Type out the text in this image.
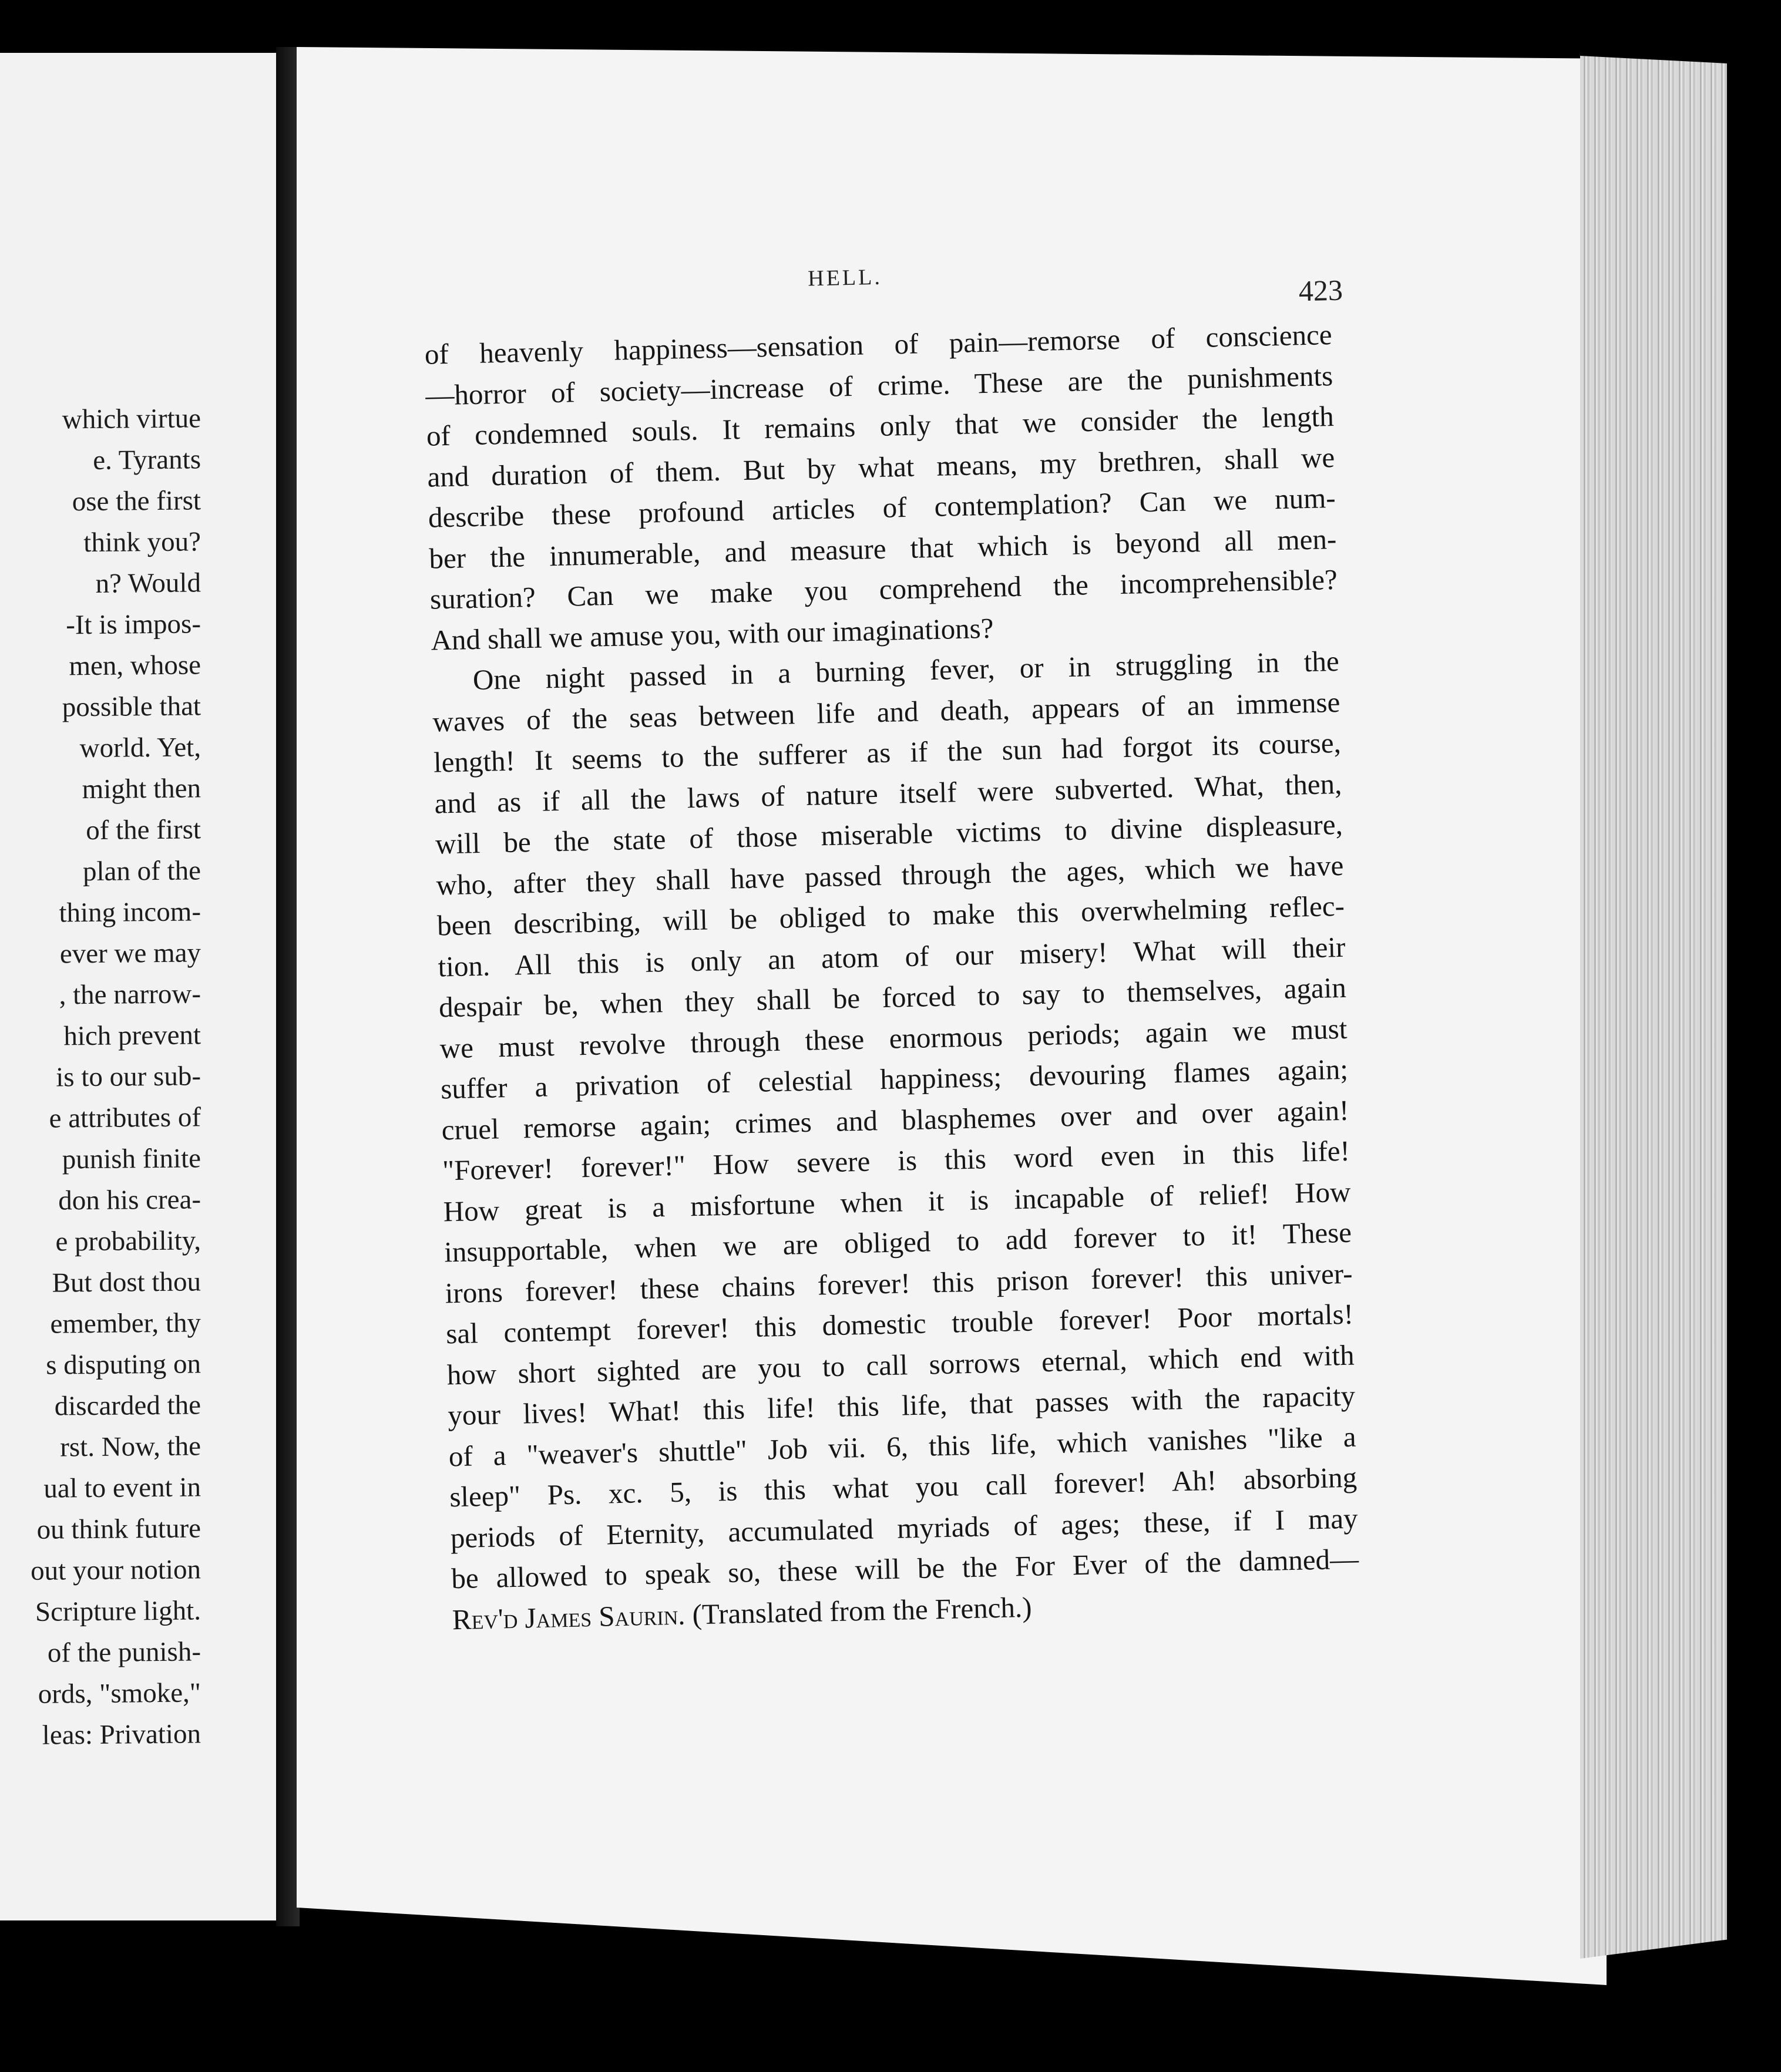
which virtue
e. Tyrants
ose the first
think you?
n? Would
-It is impos-
men, whose
possible that
world. Yet,
might then
of the first
plan of the
thing incom-
ever we may
, the narrow-
hich prevent
is to our sub-
e attributes of
punish finite
don his crea-
e probability,
But dost thou
emember, thy
s disputing on
discarded the
rst. Now, the
ual to event in
ou think future
out your notion
Scripture light.
of the punish-
ords, "smoke,"
leas: Privation
HELL.	423
of heavenly happiness—sensation of pain—remorse of conscience
—horror of society—increase of crime. These are the punishments
of condemned souls. It remains only that we consider the length
and duration of them. But by what means, my brethren, shall we
describe these profound articles of contemplation? Can we num-
ber the innumerable, and measure that which is beyond all men-
suration? Can we make you comprehend the incomprehensible?
And shall we amuse you, with our imaginations?
One night passed in a burning fever, or in struggling in the
waves of the seas between life and death, appears of an immense
length! It seems to the sufferer as if the sun had forgot its course,
and as if all the laws of nature itself were subverted. What, then,
will be the state of those miserable victims to divine displeasure,
who, after they shall have passed through the ages, which we have
been describing, will be obliged to make this overwhelming reflec-
tion. All this is only an atom of our misery! What will their
despair be, when they shall be forced to say to themselves, again
we must revolve through these enormous periods; again we must
suffer a privation of celestial happiness; devouring flames again;
cruel remorse again; crimes and blasphemes over and over again!
"Forever! forever!" How severe is this word even in this life!
How great is a misfortune when it is incapable of relief! How
insupportable, when we are obliged to add forever to it! These
irons forever! these chains forever! this prison forever! this univer-
sal contempt forever! this domestic trouble forever! Poor mortals!
how short sighted are you to call sorrows eternal, which end with
your lives! What! this life! this life, that passes with the rapacity
of a "weaver's shuttle" Job vii. 6, this life, which vanishes "like a
sleep" Ps. xc. 5, is this what you call forever! Ah! absorbing
periods of Eternity, accumulated myriads of ages; these, if I may
be allowed to speak so, these will be the For Ever of the damned—
Rev'd James Saurin. (Translated from the French.)
